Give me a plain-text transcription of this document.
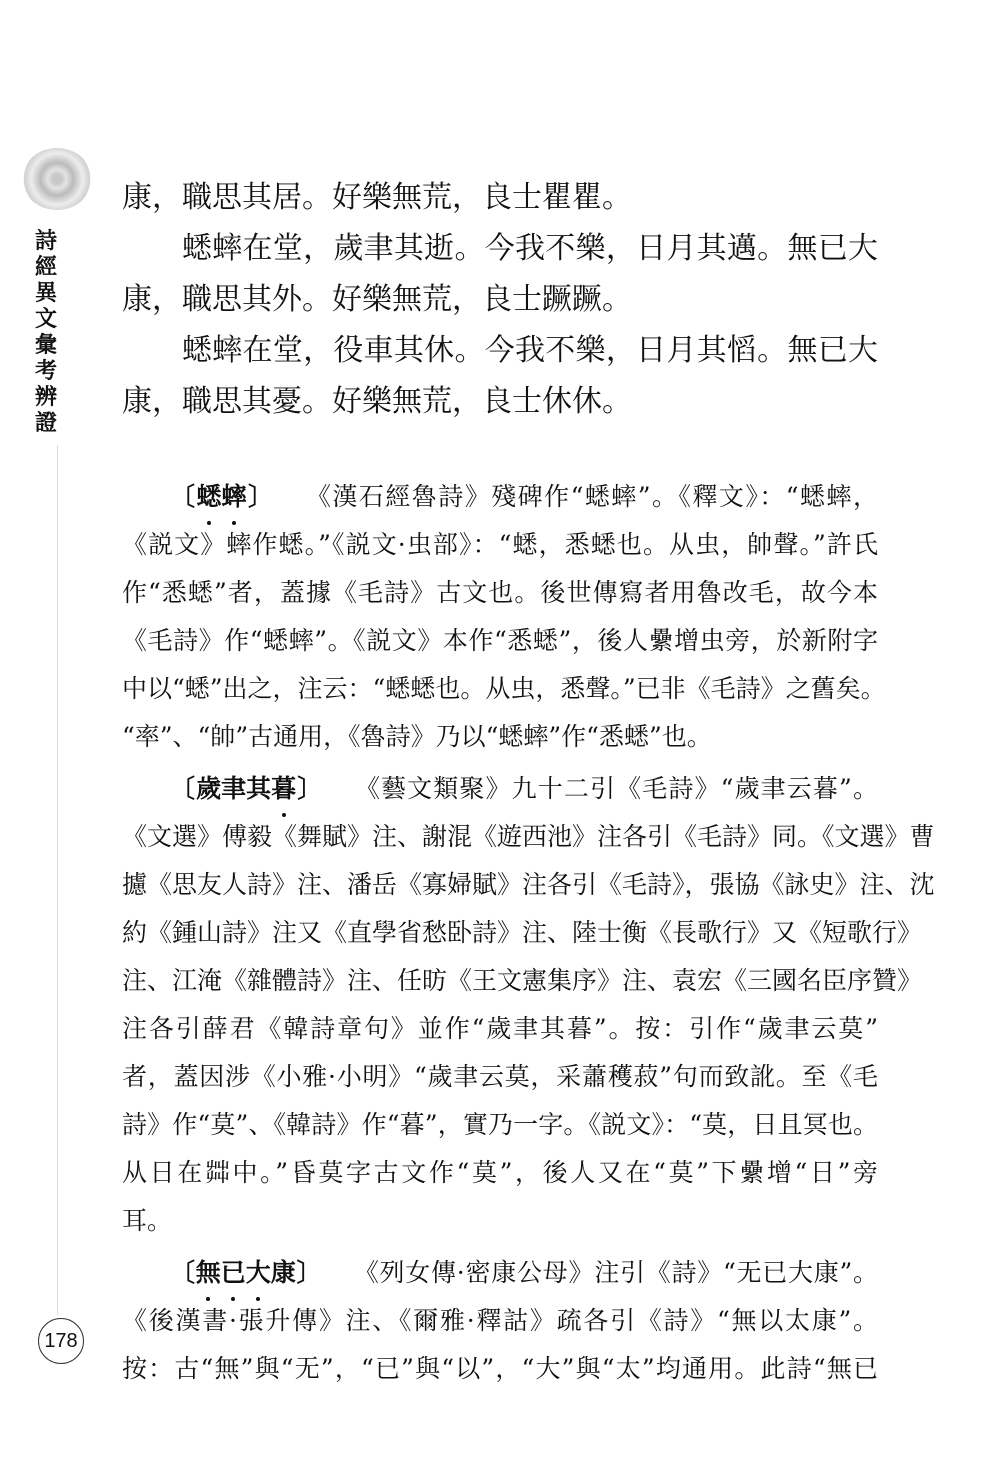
詩經異文彙考辨證
178
康，職思其居。好樂無荒，良士瞿瞿。
蟋蟀在堂，歲聿其逝。今我不樂，日月其邁。無已大
康，職思其外。好樂無荒，良士蹶蹶。
蟋蟀在堂，役車其休。今我不樂，日月其慆。無已大
康，職思其憂。好樂無荒，良士休休。
〔蟋蟀〕 《漢石經魯詩》殘碑作“蟋蟀”。《釋文》：“蟋蟀，
《説文》蟀作蟋。”《説文·虫部》：“蟋，悉蟋也。从虫，帥聲。”許氏
作“悉蟋”者，蓋據《毛詩》古文也。後世傳寫者用魯改毛，故今本
《毛詩》作“蟋蟀”。《説文》本作“悉蟋”，後人纍增虫旁，於新附字
中以“蟋”出之，注云：“蟋蟋也。从虫，悉聲。”已非《毛詩》之舊矣。
“率”、“帥”古通用，《魯詩》乃以“蟋蟀”作“悉蟋”也。
〔歲聿其暮〕 《藝文類聚》九十二引《毛詩》“歲聿云暮”。
《文選》傅毅《舞賦》注、謝混《遊西池》注各引《毛詩》同。《文選》曹
攄《思友人詩》注、潘岳《寡婦賦》注各引《毛詩》，張協《詠史》注、沈
約《鍾山詩》注又《直學省愁卧詩》注、陸士衡《長歌行》又《短歌行》
注、江淹《雜體詩》注、任昉《王文憲集序》注、袁宏《三國名臣序贊》
注各引薛君《韓詩章句》並作“歲聿其暮”。按：引作“歲聿云莫”
者，蓋因涉《小雅·小明》“歲聿云莫，采蕭穫菽”句而致訛。至《毛
詩》作“莫”、《韓詩》作“暮”，實乃一字。《説文》：“莫，日且冥也。
从日在茻中。”昏莫字古文作“莫”，後人又在“莫”下纍增“日”旁
耳。
〔無已大康〕 《列女傳·密康公母》注引《詩》“无已大康”。
《後漢書·張升傳》注、《爾雅·釋詁》疏各引《詩》“無以太康”。
按：古“無”與“无”，“已”與“以”，“大”與“太”均通用。此詩“無已
